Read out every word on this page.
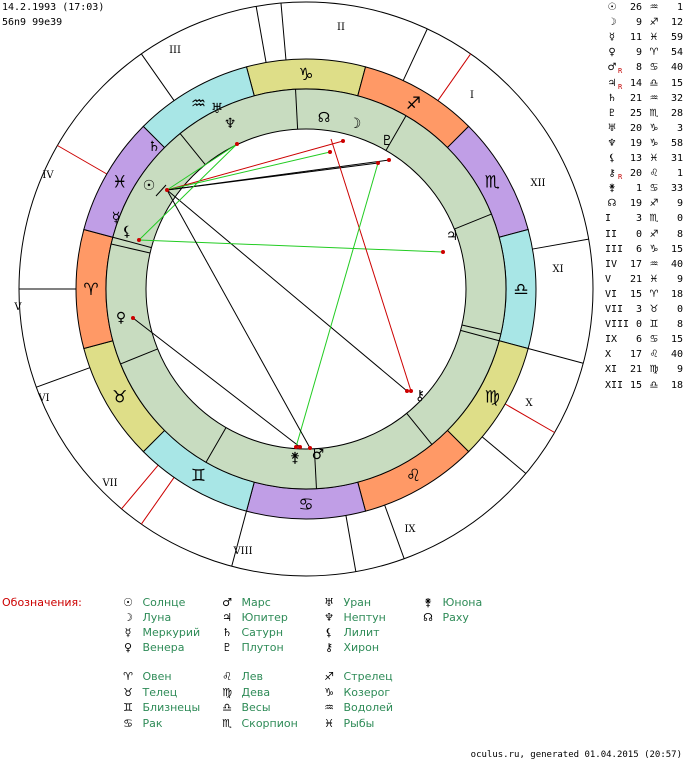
14.2.1993 (17:03)
56n9 99e39
I
II
III
IV
V
VI
VII
VIII
IX
X
XI
XII
♑
♐
♏
♎
♍
♌
♋
♊
♉
♈
♓
♒
☉
♄
♅
♆	☊ ☽
♇
♃
⚷
♂
⚵
♀
☿
⚸
☉	26 ♒	1
☽	9 ♐	12
☿	11 ♓	59
♀	9 ♈	54
♂ R	8 ♋	40
♃ R 14 ♎	15
♄	21 ♒	32
♇	25 ♏	28
♅	20 ♑	3
♆	19 ♑	58
⚸	13 ♓	31
⚷ R 20 ♌	1
⚵	1 ♋	33
☊	19 ♐	9
I	3 ♏	0
II	0 ♐	8
III	6 ♑	15
IV	17 ♒	40
V	21 ♓	9
VI	15 ♈	18
VII	3 ♉	0
VIII 0 ♊	8
IX	6 ♋	15
X	17 ♌	40
XI	21 ♍	9
XII 15 ♎	18
Обозначения:	☉ Солнце
☽ Луна
☿ Меркурий
♀ Венера
♂ Марс
♃ Юпитер
♄ Сатурн
♇ Плутон
♅ Уран
♆ Нептун
⚸ Лилит
⚷ Хирон
⚵ Юнона
☊ Раху
♈ Овен
♉ Телец
♊ Близнецы
♋ Рак
♌ Лев
♍ Дева
♎ Весы
♏ Скорпион
♐ Стрелец
♑ Козерог
♒ Водолей
♓ Рыбы
oculus.ru, generated 01.04.2015 (20:57)
